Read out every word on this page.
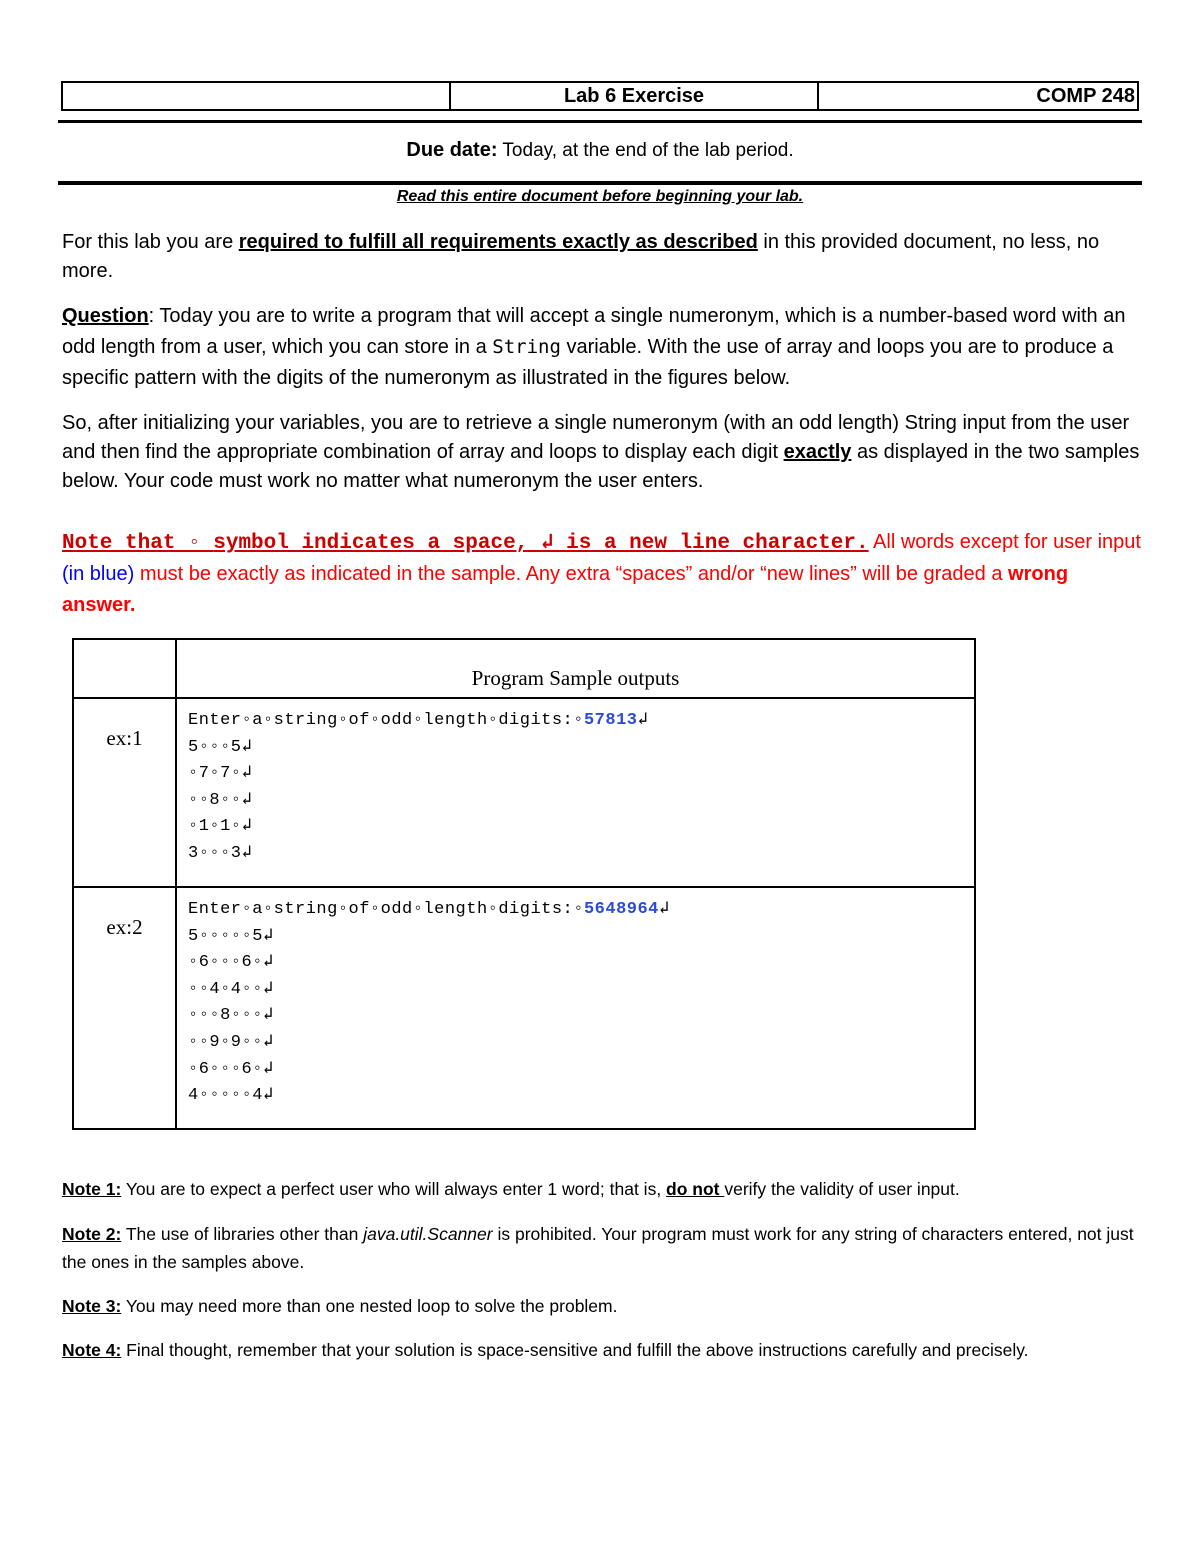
Lab 6 Exercise	COMP 248
Due date: Today, at the end of the lab period.
Read this entire document before beginning your lab.
For this lab you are required to fulfill all requirements exactly as described in this provided document, no less, no more.
Question: Today you are to write a program that will accept a single numeronym, which is a number-based word with an odd length from a user, which you can store in a String variable. With the use of array and loops you are to produce a specific pattern with the digits of the numeronym as illustrated in the figures below.
So, after initializing your variables, you are to retrieve a single numeronym (with an odd length) String input from the user and then find the appropriate combination of array and loops to display each digit exactly as displayed in the two samples below. Your code must work no matter what numeronym the user enters.
Note that ◦ symbol indicates a space, ↲ is a new line character. All words except for user input (in blue) must be exactly as indicated in the sample. Any extra “spaces” and/or “new lines” will be graded a wrong answer.
Program Sample outputs
ex:1
Enter◦a◦string◦of◦odd◦length◦digits:◦57813↲
5◦◦◦5↲
◦7◦7◦↲
◦◦8◦◦↲
◦1◦1◦↲
3◦◦◦3↲
ex:2
Enter◦a◦string◦of◦odd◦length◦digits:◦5648964↲
5◦◦◦◦◦5↲
◦6◦◦◦6◦↲
◦◦4◦4◦◦↲
◦◦◦8◦◦◦↲
◦◦9◦9◦◦↲
◦6◦◦◦6◦↲
4◦◦◦◦◦4↲
Note 1: You are to expect a perfect user who will always enter 1 word; that is, do not verify the validity of user input.
Note 2: The use of libraries other than java.util.Scanner is prohibited. Your program must work for any string of characters entered, not just the ones in the samples above.
Note 3: You may need more than one nested loop to solve the problem.
Note 4: Final thought, remember that your solution is space-sensitive and fulfill the above instructions carefully and precisely.
